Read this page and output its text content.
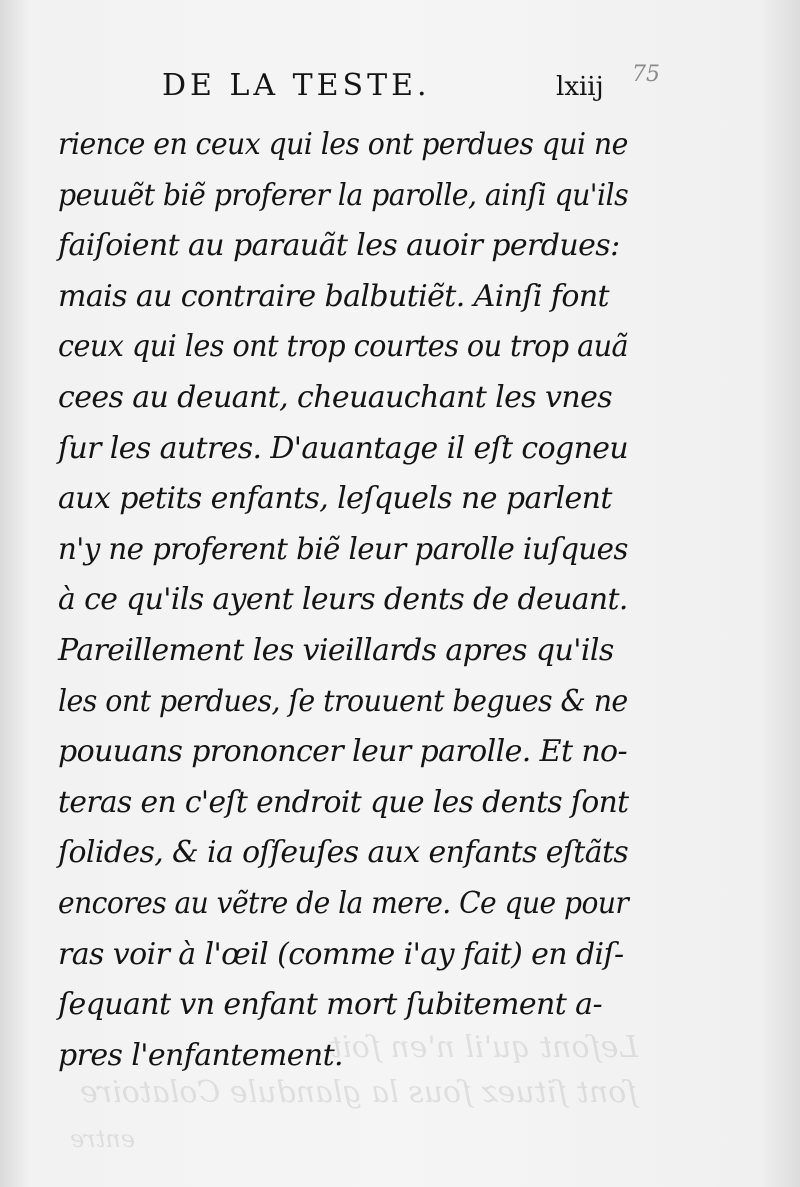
Leſont qu'il n'en ſoit
ſont ſituez ſous la glandule Colatoire
entre
DE LA TESTE.	lxiij 75
rience en ceux qui les ont perdues qui ne
peuuẽt biẽ proferer la parolle, ainſi qu'ils
faiſoient au parauãt les auoir perdues:
mais au contraire balbutiẽt. Ainſi font
ceux qui les ont trop courtes ou trop auã
cees au deuant, cheuauchant les vnes
ſur les autres. D'auantage il eſt cogneu
aux petits enfants, leſquels ne parlent
n'y ne proferent biẽ leur parolle iuſques
à ce qu'ils ayent leurs dents de deuant.
Pareillement les vieillards apres qu'ils
les ont perdues, ſe trouuent begues & ne
pouuans prononcer leur parolle. Et no-
teras en c'eſt endroit que les dents ſont
ſolides, & ia oſſeuſes aux enfants eſtãts
encores au vẽtre de la mere. Ce que pour
ras voir à l'œil (comme i'ay fait) en diſ-
ſequant vn enfant mort ſubitement a-
pres l'enfantement.
